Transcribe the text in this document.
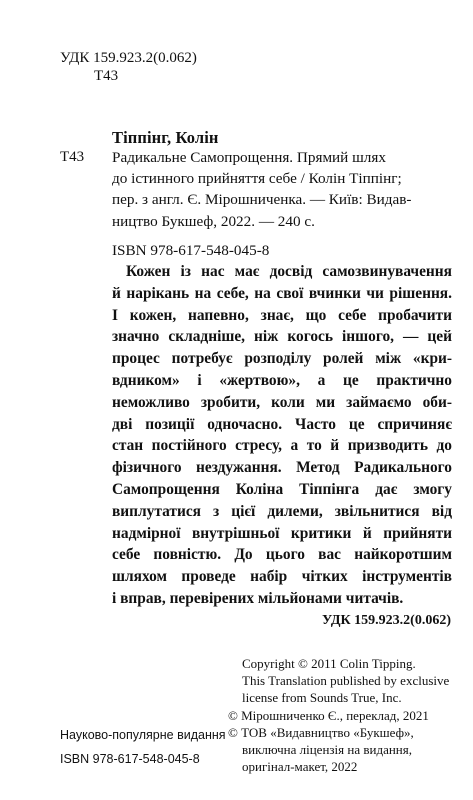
УДК 159.923.2(0.062)
Т43
Тіппінг, Колін
Т43 Радикальне Самопрощення. Прямий шлях
до істинного прийняття себе / Колін Тіппінг;
пер. з англ. Є. Мірошниченка. — Київ: Видав-
ництво Букшеф, 2022. — 240 с.
ISBN 978-617-548-045-8
Кожен із нас має досвід самозвинувачення
й нарікань на себе, на свої вчинки чи рішення.
І кожен, напевно, знає, що себе пробачити
значно складніше, ніж когось іншого, — цей
процес потребує розподілу ролей між «кри-
вдником» і «жертвою», а це практично
неможливо зробити, коли ми займаємо оби-
дві позиції одночасно. Часто це спричиняє
стан постійного стресу, а то й призводить до
фізичного нездужання. Метод Радикального
Самопрощення Коліна Тіппінга дає змогу
виплутатися з цієї дилеми, звільнитися від
надмірної внутрішньої критики й прийняти
себе повністю. До цього вас найкоротшим
шляхом проведе набір чітких інструментів
і вправ, перевірених мільйонами читачів.
УДК 159.923.2(0.062)
Copyright © 2011 Colin Tipping.
This Translation published by exclusive
license from Sounds True, Inc.
© Мірошниченко Є., переклад, 2021
© ТОВ «Видавництво «Букшеф»,
виключна ліцензія на видання,
оригінал-макет, 2022
Науково-популярне видання
ISBN 978-617-548-045-8
